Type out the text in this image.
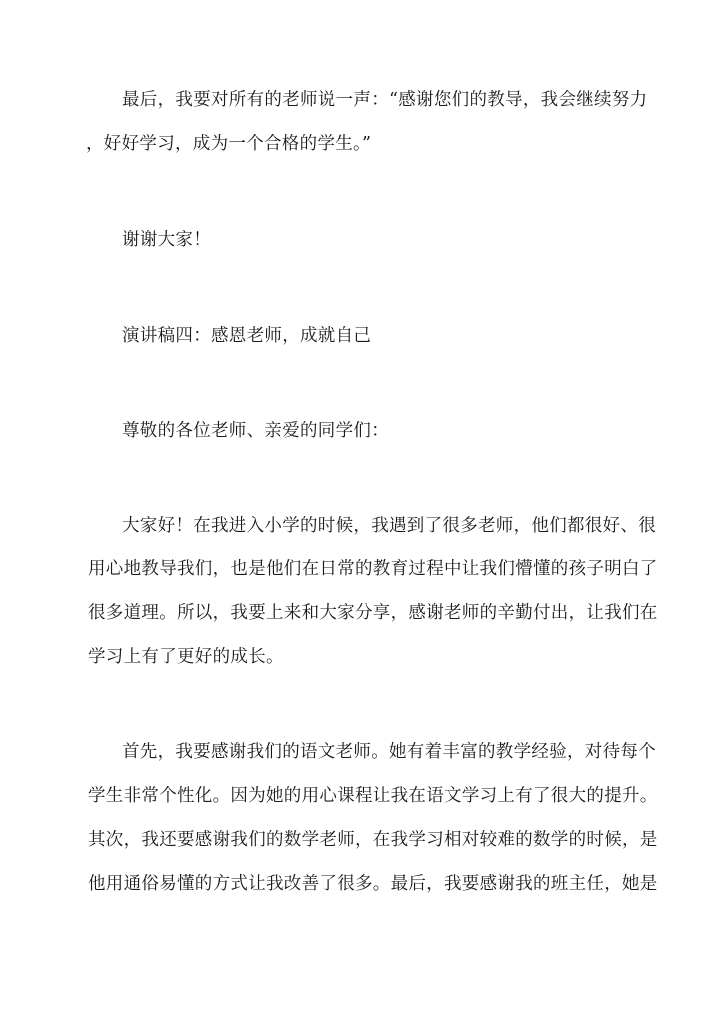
最后，我要对所有的老师说一声：“感谢您们的教导，我会继续努力
，好好学习，成为一个合格的学生。”
谢谢大家！
演讲稿四：感恩老师，成就自己
尊敬的各位老师、亲爱的同学们：
大家好！在我进入小学的时候，我遇到了很多老师，他们都很好、很
用心地教导我们，也是他们在日常的教育过程中让我们懵懂的孩子明白了
很多道理。所以，我要上来和大家分享，感谢老师的辛勤付出，让我们在
学习上有了更好的成长。
首先，我要感谢我们的语文老师。她有着丰富的教学经验，对待每个
学生非常个性化。因为她的用心课程让我在语文学习上有了很大的提升。
其次，我还要感谢我们的数学老师，在我学习相对较难的数学的时候，是
他用通俗易懂的方式让我改善了很多。最后，我要感谢我的班主任，她是
